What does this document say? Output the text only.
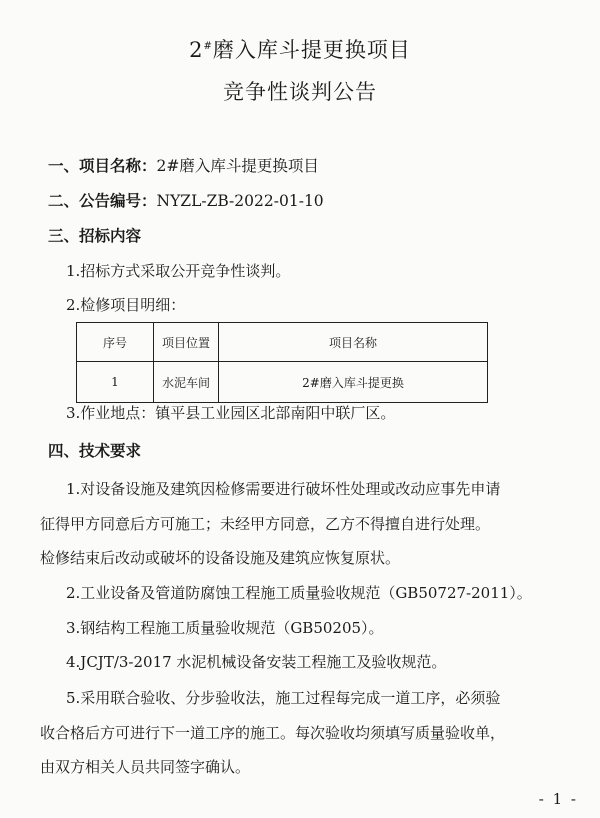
2#磨入库斗提更换项目
竞争性谈判公告
一、项目名称：2#磨入库斗提更换项目
二、公告编号：NYZL-ZB-2022-01-10
三、招标内容
1.招标方式采取公开竞争性谈判。
2.检修项目明细：
序号	项目位置	项目名称
1	水泥车间	2#磨入库斗提更换
3.作业地点：镇平县工业园区北部南阳中联厂区。
四、技术要求
1.对设备设施及建筑因检修需要进行破坏性处理或改动应事先申请
征得甲方同意后方可施工；未经甲方同意，乙方不得擅自进行处理。
检修结束后改动或破坏的设备设施及建筑应恢复原状。
2.工业设备及管道防腐蚀工程施工质量验收规范（GB50727-2011）。
3.钢结构工程施工质量验收规范（GB50205）。
4.JCJT/3-2017 水泥机械设备安装工程施工及验收规范。
5.采用联合验收、分步验收法，施工过程每完成一道工序，必须验
收合格后方可进行下一道工序的施工。每次验收均须填写质量验收单，
由双方相关人员共同签字确认。
- 1 -
